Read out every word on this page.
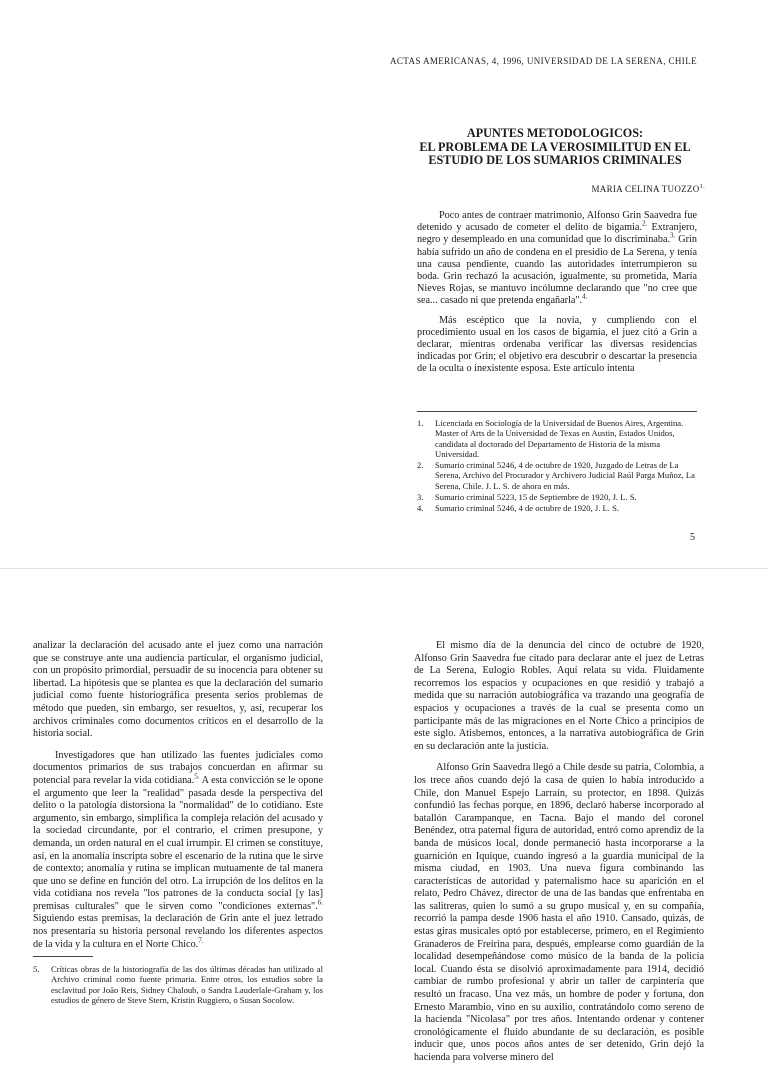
ACTAS AMERICANAS, 4, 1996, UNIVERSIDAD DE LA SERENA, CHILE
APUNTES METODOLOGICOS:
EL PROBLEMA DE LA VEROSIMILITUD EN EL
ESTUDIO DE LOS SUMARIOS CRIMINALES
MARIA CELINA $TUOZZO^{1.}$

Poco antes de contraer matrimonio, Alfonso Grin Saavedra fue detenido y acusado de cometer el delito de bigamia.$^{2.}$ Extranjero, negro y desempleado en una comunidad que lo discriminaba.$^{3.}$ Grin había sufrido un año de condena en el presidio de La Serena, y tenía una causa pendiente, cuando las autoridades interrumpieron su boda. Grin rechazó la acusación, igualmente, su prometida, María Nieves Rojas, se mantuvo incólumne declarando que "no cree que sea... casado ni que pretenda engañarla".$^{4.}$

Más escéptico que la novia, y cumpliendo con el procedimiento usual en los casos de bigamia, el juez citó a Grin a declarar, mientras ordenaba verificar las diversas residencias indicadas por Grin; el objetivo era descubrir o descartar la presencia de la oculta o inexistente esposa. Este artículo intenta

1.	Licenciada en Sociología de la Universidad de Buenos Aires, Argentina. Master of Arts de la Universidad de Texas en Austin, Estados Unidos, candidata al doctorado del Departamento de Historia de la misma Universidad.
2.	Sumario criminal 5246, 4 de octubre de 1920, Juzgado de Letras de La Serena, Archivo del Procurador y Archivero Judicial Raúl Parga Muñoz, La Serena, Chile. J. L. S. de ahora en más.
3.	Sumario criminal 5223, 15 de Septiembre de 1920, J. L. S.
4.	Sumario criminal 5246, 4 de octubre de 1920, J. L. S.
5

analizar la declaración del acusado ante el juez como una narración que se construye ante una audiencia particular, el organismo judicial, con un propósito primordial, persuadir de su inocencia para obtener su libertad. La hipótesis que se plantea es que la declaración del sumario judicial como fuente historiográfica presenta serios problemas de método que pueden, sin embargo, ser resueltos, y, así, recuperar los archivos criminales como documentos críticos en el desarrollo de la historia social.

Investigadores que han utilizado las fuentes judiciales como documentos primarios de sus trabajos concuerdan en afirmar su potencial para revelar la vida cotidiana.$^{5.}$ A esta convicción se le opone el argumento que leer la "realidad" pasada desde la perspectiva del delito o la patología distorsiona la "normalidad" de lo cotidiano. Este argumento, sin embargo, simplifica la compleja relación del acusado y la sociedad circundante, por el contrario, el crimen presupone, y demanda, un orden natural en el cual irrumpir. El crimen se constituye, así, en la anomalía inscripta sobre el escenario de la rutina que le sirve de contexto; anomalía y rutina se implican mutuamente de tal manera que uno se define en función del otro. La irrupción de los delitos en la vida cotidiana nos revela "los patrones de la conducta social [y las] premisas culturales" que le sirven como "condiciones externas".$^{6.}$ Siguiendo estas premisas, la declaración de Grin ante el juez letrado nos presentaría su historia personal revelando los diferentes aspectos de la vida y la cultura en el Norte Chico.$^{7.}$

5.	Críticas obras de la historiografía de las dos últimas décadas han utilizado al Archivo criminal como fuente primaria. Entre otros, los estudios sobre la esclavitud por João Reis, Sidney Chaloub, o Sandra Lauderlale-Graham y, los estudios de género de Steve Stern, Kristin Ruggiero, o Susan Socolow.

El mismo día de la denuncia del cinco de octubre de 1920, Alfonso Grin Saavedra fue citado para declarar ante el juez de Letras de La Serena, Eulogio Robles. Aquí relata su vida. Fluidamente recorremos los espacios y ocupaciones en que residió y trabajó a medida que su narración autobiográfica va trazando una geografía de espacios y ocupaciones a través de la cual se presenta como un participante más de las migraciones en el Norte Chico a principios de este siglo. Atisbemos, entonces, a la narrativa autobiográfica de Grin en su declaración ante la justicia.

Alfonso Grin Saavedra llegó a Chile desde su patria, Colombia, a los trece años cuando dejó la casa de quien lo había introducido a Chile, don Manuel Espejo Larraín, su protector, en 1898. Quizás confundió las fechas porque, en 1896, declaró haberse incorporado al batallón Carampanque, en Tacna. Bajo el mando del coronel Benéndez, otra paternal figura de autoridad, entró como aprendiz de la banda de músicos local, donde permaneció hasta incorporarse a la guarnición en Iquique, cuando ingresó a la guardia municipal de la misma ciudad, en 1903. Una nueva figura combinando las características de autoridad y paternalismo hace su aparición en el relato, Pedro Chávez, director de una de las bandas que enfrentaba en las salitreras, quien lo sumó a su grupo musical y, en su compañía, recorrió la pampa desde 1906 hasta el año 1910. Cansado, quizás, de estas giras musicales optó por establecerse, primero, en el Regimiento Granaderos de Freirina para, después, emplearse como guardián de la localidad desempeñándose como músico de la banda de la policía local. Cuando ésta se disolvió aproximadamente para 1914, decidió cambiar de rumbo profesional y abrir un taller de carpintería que resultó un fracaso. Una vez más, un hombre de poder y fortuna, don Ernesto Marambio, vino en su auxilio, contratándolo como sereno de la hacienda "Nicolasa" por tres años. Intentando ordenar y contener cronológicamente el fluido abundante de su declaración, es posible inducir que, unos pocos años antes de ser detenido, Grin dejó la hacienda para volverse minero del
